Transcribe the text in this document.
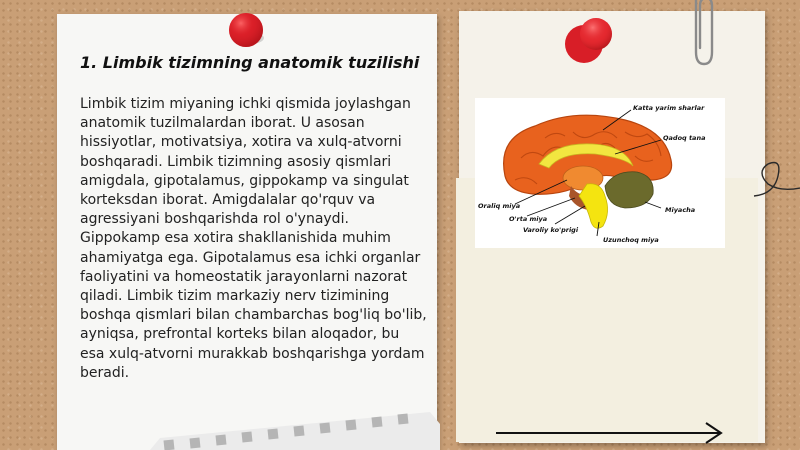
1. Limbik tizimning anatomik tuzilishi

Limbik tizim miyaning ichki qismida joylashgan anatomik tuzilmalardan iborat. U asosan hissiyotlar, motivatsiya, xotira va xulq-atvorni boshqaradi. Limbik tizimning asosiy qismlari amigdala, gipotalamus, gippokamp va singulat korteksdan iborat. Amigdalalar qo'rquv va agressiyani boshqarishda rol o'ynaydi. Gippokamp esa xotira shakllanishida muhim ahamiyatga ega. Gipotalamus esa ichki organlar faoliyatini va homeostatik jarayonlarni nazorat qiladi. Limbik tizim markaziy nerv tizimining boshqa qismlari bilan chambarchas bog'liq bo'lib, ayniqsa, prefrontal korteks bilan aloqador, bu esa xulq-atvorni murakkab boshqarishga yordam beradi.

Katta yarim sharlar
Qadoq tana
Oraliq miya
O'rta miya
Varoliy ko'prigi
Uzunchoq miya
Miyacha
